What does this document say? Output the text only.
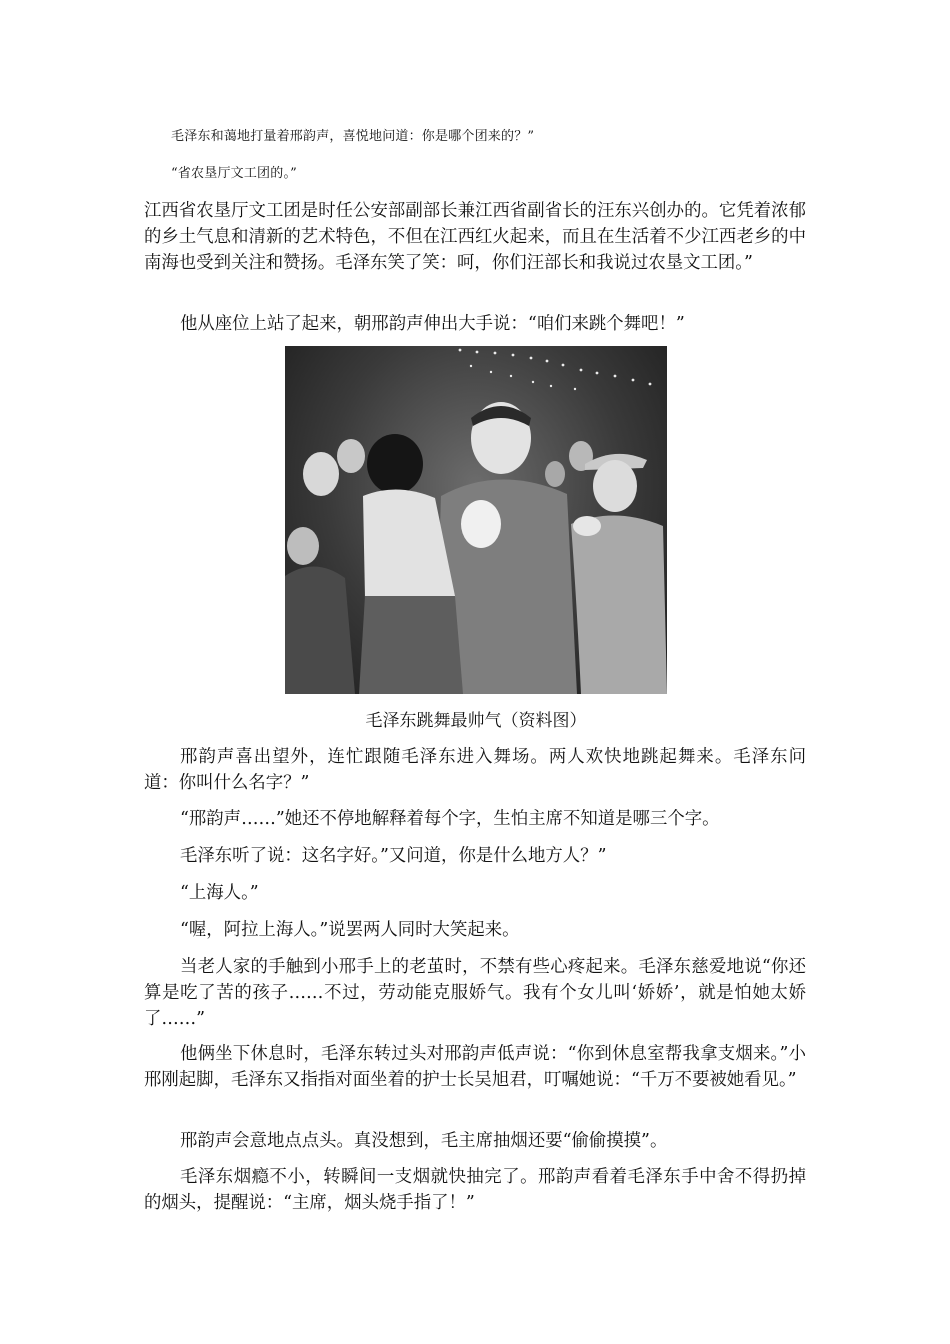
毛泽东和蔼地打量着邢韵声，喜悦地问道：你是哪个团来的？”
“省农垦厅文工团的。”
江西省农垦厅文工团是时任公安部副部长兼江西省副省长的汪东兴创办的。它凭着浓郁的乡土气息和清新的艺术特色，不但在江西红火起来，而且在生活着不少江西老乡的中南海也受到关注和赞扬。毛泽东笑了笑：呵，你们汪部长和我说过农垦文工团。”
他从座位上站了起来，朝邢韵声伸出大手说：“咱们来跳个舞吧！”
毛泽东跳舞最帅气（资料图）
邢韵声喜出望外，连忙跟随毛泽东进入舞场。两人欢快地跳起舞来。毛泽东问道：你叫什么名字？”
“邢韵声……”她还不停地解释着每个字，生怕主席不知道是哪三个字。
毛泽东听了说：这名字好。”又问道，你是什么地方人？”
“上海人。”
“喔，阿拉上海人。”说罢两人同时大笑起来。
当老人家的手触到小邢手上的老茧时，不禁有些心疼起来。毛泽东慈爱地说“你还算是吃了苦的孩子……不过，劳动能克服娇气。我有个女儿叫‘娇娇’，就是怕她太娇了……”
他俩坐下休息时，毛泽东转过头对邢韵声低声说：“你到休息室帮我拿支烟来。”小邢刚起脚，毛泽东又指指对面坐着的护士长吴旭君，叮嘱她说：“千万不要被她看见。”
邢韵声会意地点点头。真没想到，毛主席抽烟还要“偷偷摸摸”。
毛泽东烟瘾不小，转瞬间一支烟就快抽完了。邢韵声看着毛泽东手中舍不得扔掉的烟头，提醒说：“主席，烟头烧手指了！”
